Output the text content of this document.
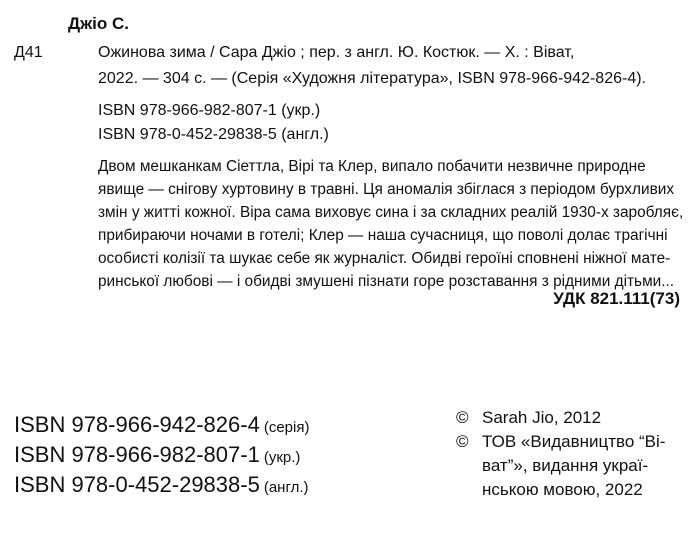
Джіо С.
Д41	Ожинова зима / Сара Джіо ; пер. з англ. Ю. Костюк. — Х. : Віват,
2022. — 304 с. — (Серія «Художня література», ISBN 978-966-942-826-4).
ISBN 978-966-982-807-1 (укр.)
ISBN 978-0-452-29838-5 (англ.)
Двом мешканкам Сіеттла, Вірі та Клер, випало побачити незвичне природне
явище — сніговy хуртовину в травні. Ця аномалія збіглася з періодом бурхливих
змін у житті кожної. Віра сама виховує сина і за складних реалій 1930-х заробляє,
прибираючи ночами в готелі; Клер — наша сучасниця, що поволі долає трагічні
особисті колізії та шукає себе як журналіст. Обидві героїні сповнені ніжної мате-
ринської любові — і обидві змушені пізнати горе розставання з рідними дітьми...
УДК 821.111(73)
ISBN 978-966-942-826-4 (серія)
ISBN 978-966-982-807-1 (укр.)
ISBN 978-0-452-29838-5 (англ.)
© Sarah Jio, 2012
© ТОВ «Видавництво “Ві-
ват”», видання украї-
нською мовою, 2022
